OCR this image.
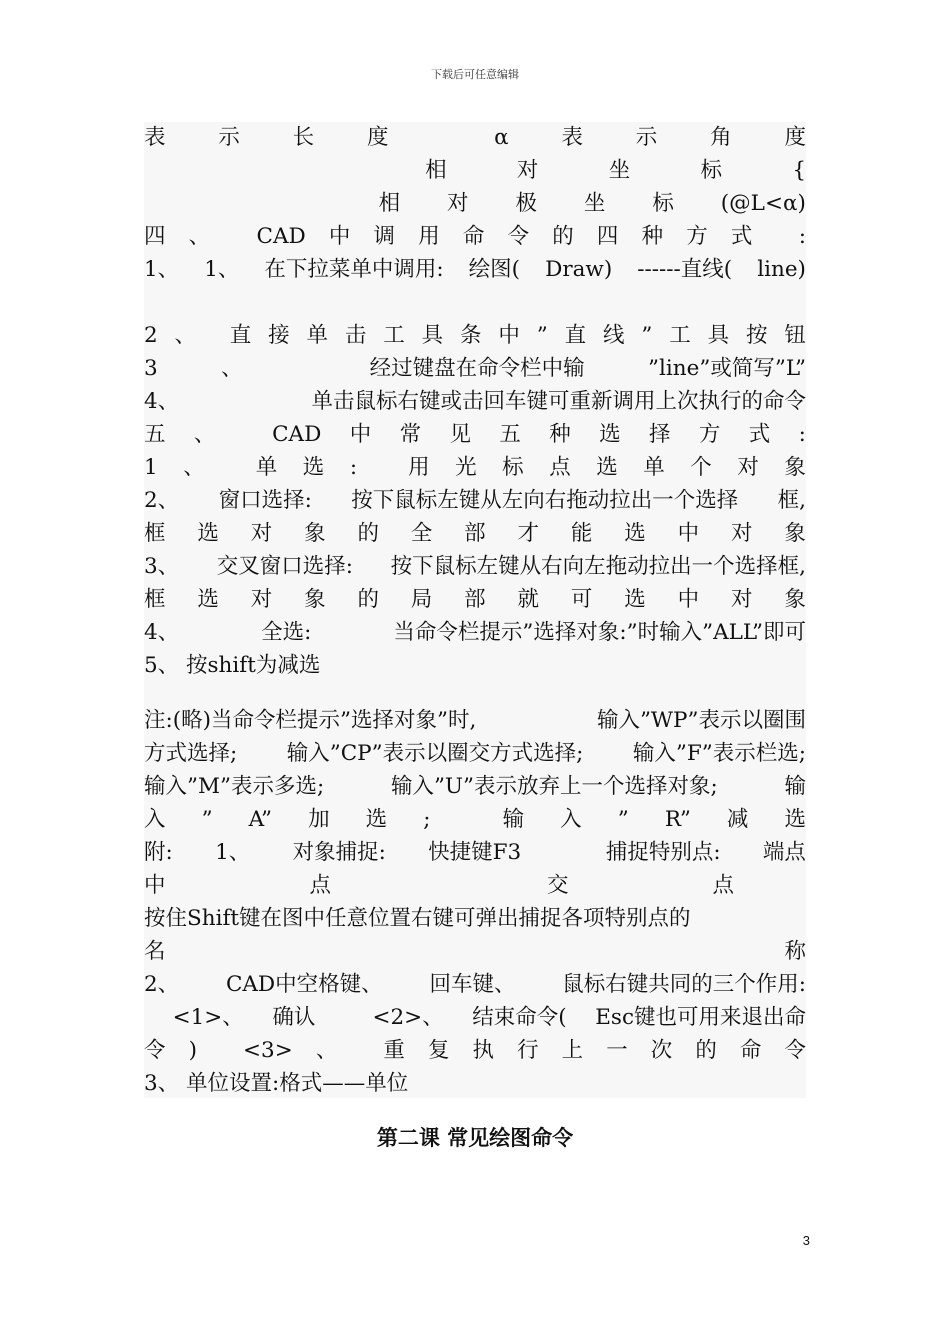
下载后可任意编辑
表 示 长 度	α 表 示 角 度
相	对	坐	标	{
相 对 极 坐 标 (@L<α)
四 、 CAD 中 调 用 命 令 的 四 种 方 式 :
1、 1、 在下拉菜单中调用: 绘图( Draw) ------直线( line)
2 、 直 接 单 击 工 具 条 中 ” 直 线 ” 工 具 按 钮
3	、	经过键盘在命令栏中输	”line”或简写”L”
4、	单击鼠标右键或击回车键可重新调用上次执行的命令
五 、	CAD 中 常 见 五 种 选 择 方 式 :
1 、 单 选 : 用 光 标 点 选 单 个 对 象
2、 窗口选择: 按下鼠标左键从左向右拖动拉出一个选择 框,
框 选 对 象 的 全 部 才 能 选 中 对 象
3、 交叉窗口选择: 按下鼠标左键从右向左拖动拉出一个选择框,
框 选 对 象 的 局 部 就 可 选 中 对 象
4、	全选:	当命令栏提示”选择对象:”时输入”ALL”即可
5、 按shift为减选
注:(略)当命令栏提示”选择对象”时,	输入”WP”表示以圈围
方式选择; 输入”CP”表示以圈交方式选择; 输入”F”表示栏选;
输入”M”表示多选;	输入”U”表示放弃上一个选择对象;	输
入 ” A” 加 选 ;	输 入 ” R” 减 选
附: 1、 对象捕捉: 快捷键F3	捕捉特别点: 端点
中	点	交	点
按住Shift键在图中任意位置右键可弹出捕捉各项特别点的
名	称
2、 CAD中空格键、 回车键、 鼠标右键共同的三个作用:
<1>、 确认	<2>、 结束命令( Esc键也可用来退出命
令 ) <3> 、 重 复 执 行 上 一 次 的 命 令
3、 单位设置:格式——单位
第二课 常见绘图命令
3
